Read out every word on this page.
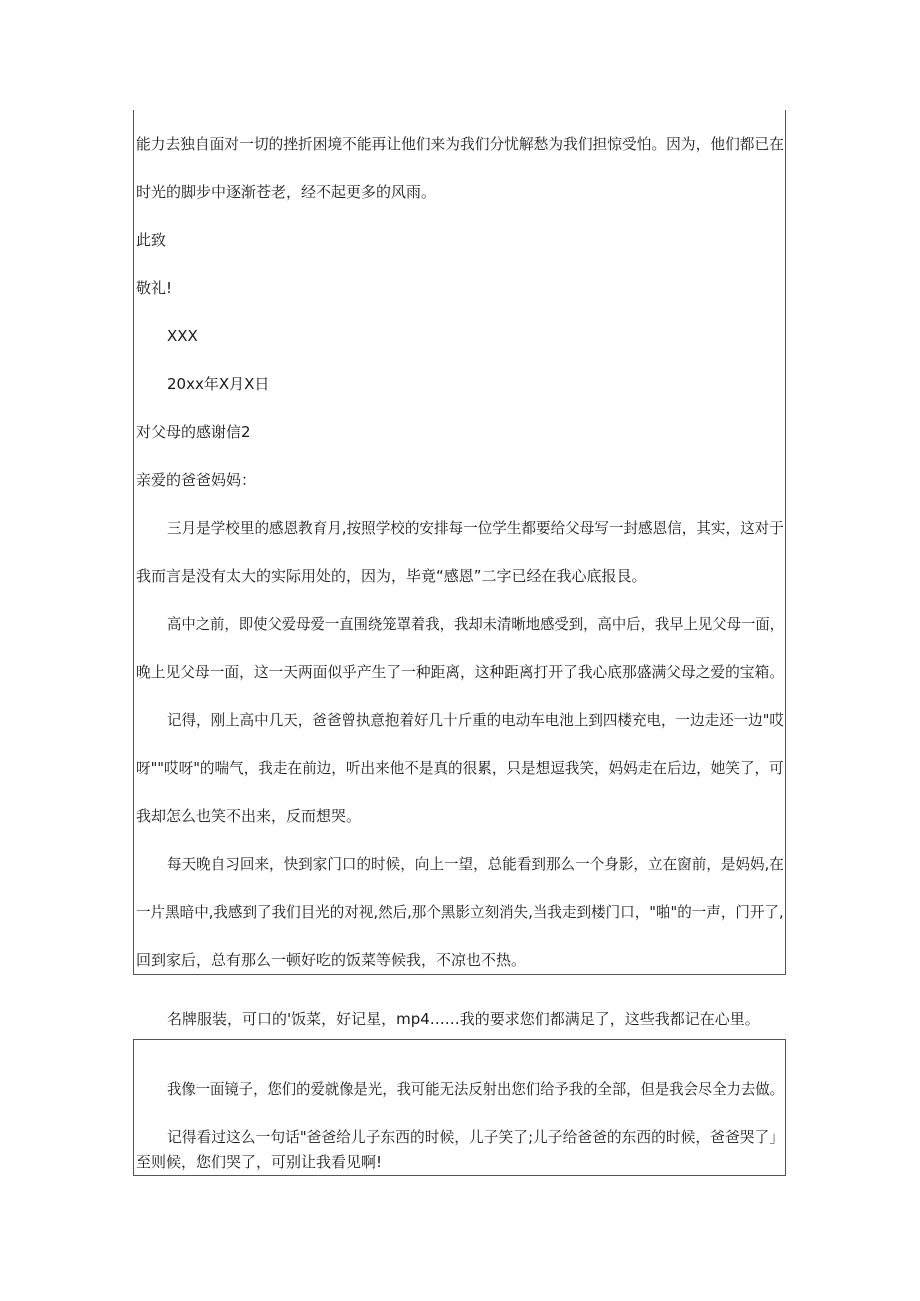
能力去独自面对一切的挫折困境不能再让他们来为我们分忧解愁为我们担惊受怕。因为，他们都已在
时光的脚步中逐渐苍老，经不起更多的风雨。
此致
敬礼!
XXX
20xx年X月X日
对父母的感谢信2
亲爱的爸爸妈妈：
三月是学校里的感恩教育月,按照学校的安排每一位学生都要给父母写一封感恩信，其实，这对于
我而言是没有太大的实际用处的，因为，毕竟“感恩”二字已经在我心底报艮。
高中之前，即使父爱母爱一直围绕笼罩着我，我却未清晰地感受到，高中后，我早上见父母一面，
晚上见父母一面，这一天两面似乎产生了一种距离，这种距离打开了我心底那盛满父母之爱的宝箱。
记得，刚上高中几天，爸爸曾执意抱着好几十斤重的电动车电池上到四楼充电，一边走还一边"哎
呀""哎呀"的喘气，我走在前边，听出来他不是真的很累，只是想逗我笑，妈妈走在后边，她笑了，可
我却怎么也笑不出来，反而想哭。
每天晚自习回来，快到家门口的时候，向上一望，总能看到那么一个身影，立在窗前，是妈妈,在
一片黑暗中,我感到了我们目光的对视,然后,那个黑影立刻消失,当我走到楼门口，"啪"的一声，门开了,
回到家后，总有那么一顿好吃的饭菜等候我，不凉也不热。
名牌服装，可口的'饭菜，好记星，mp4……我的要求您们都满足了，这些我都记在心里。
我像一面镜子，您们的爱就像是光，我可能无法反射出您们给予我的全部，但是我会尽全力去做。
记得看过这么一句话"爸爸给儿子东西的时候，儿子笑了;儿子给爸爸的东西的时候，爸爸哭了」
至则候，您们哭了，可别让我看见啊!
